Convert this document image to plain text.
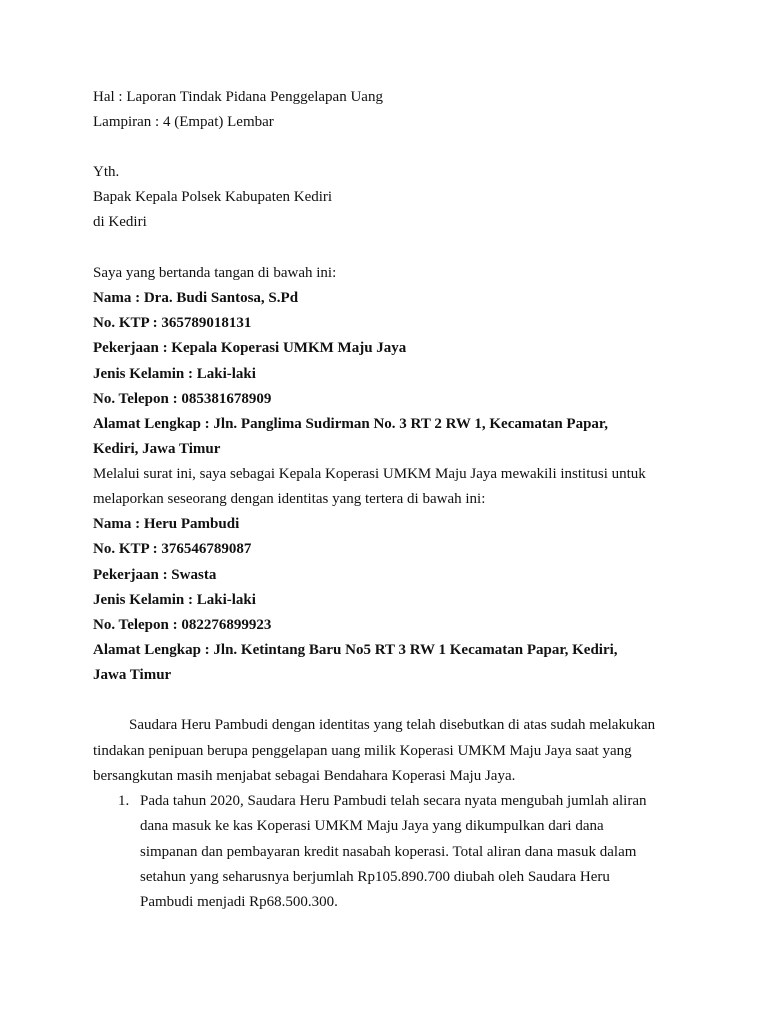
Hal : Laporan Tindak Pidana Penggelapan Uang
Lampiran : 4 (Empat) Lembar
Yth.
Bapak Kepala Polsek Kabupaten Kediri
di Kediri
Saya yang bertanda tangan di bawah ini:
Nama : Dra. Budi Santosa, S.Pd
No. KTP : 365789018131
Pekerjaan : Kepala Koperasi UMKM Maju Jaya
Jenis Kelamin : Laki-laki
No. Telepon : 085381678909
Alamat Lengkap : Jln. Panglima Sudirman No. 3 RT 2 RW 1, Kecamatan Papar,
Kediri, Jawa Timur
Melalui surat ini, saya sebagai Kepala Koperasi UMKM Maju Jaya mewakili institusi untuk
melaporkan seseorang dengan identitas yang tertera di bawah ini:
Nama : Heru Pambudi
No. KTP : 376546789087
Pekerjaan : Swasta
Jenis Kelamin : Laki-laki
No. Telepon : 082276899923
Alamat Lengkap : Jln. Ketintang Baru No5 RT 3 RW 1 Kecamatan Papar, Kediri,
Jawa Timur
Saudara Heru Pambudi dengan identitas yang telah disebutkan di atas sudah melakukan
tindakan penipuan berupa penggelapan uang milik Koperasi UMKM Maju Jaya saat yang
bersangkutan masih menjabat sebagai Bendahara Koperasi Maju Jaya.
1. Pada tahun 2020, Saudara Heru Pambudi telah secara nyata mengubah jumlah aliran
dana masuk ke kas Koperasi UMKM Maju Jaya yang dikumpulkan dari dana
simpanan dan pembayaran kredit nasabah koperasi. Total aliran dana masuk dalam
setahun yang seharusnya berjumlah Rp105.890.700 diubah oleh Saudara Heru
Pambudi menjadi Rp68.500.300.
